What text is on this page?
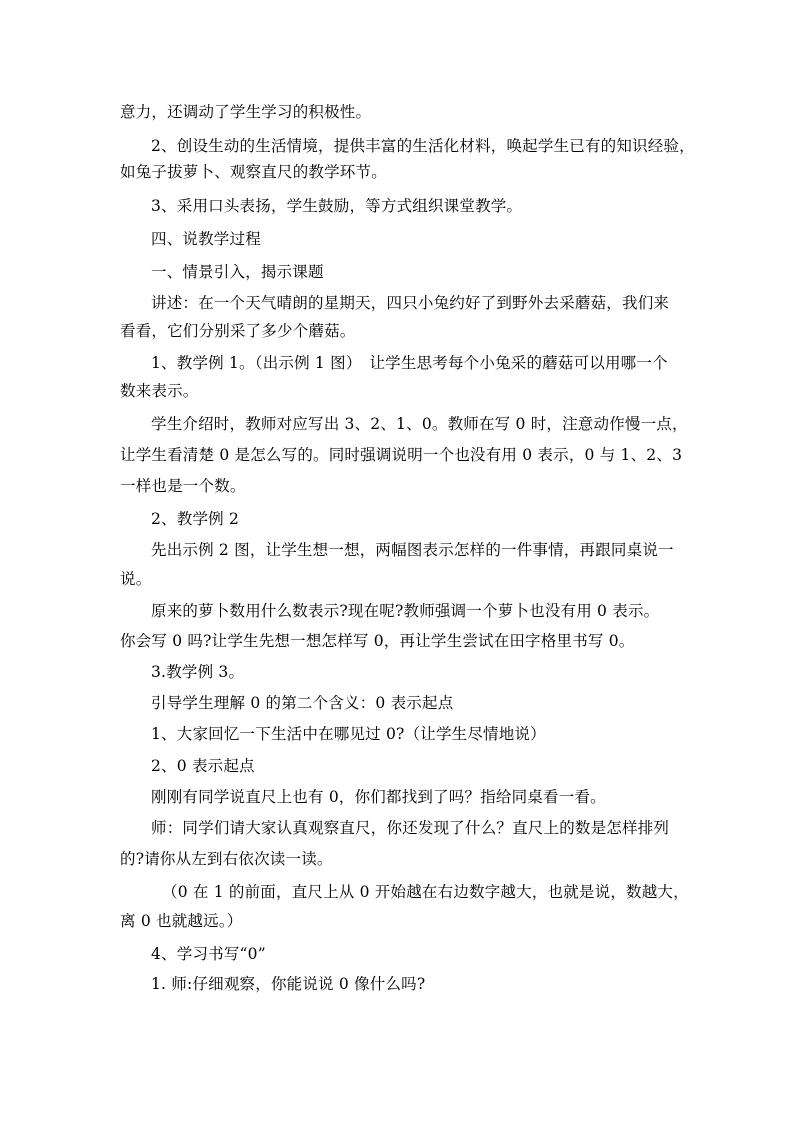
意力，还调动了学生学习的积极性。
2、创设生动的生活情境，提供丰富的生活化材料，唤起学生已有的知识经验，
如兔子拔萝卜、观察直尺的教学环节。
3、采用口头表扬，学生鼓励，等方式组织课堂教学。
四、说教学过程
一、情景引入，揭示课题
讲述：在一个天气晴朗的星期天，四只小兔约好了到野外去采蘑菇，我们来
看看，它们分别采了多少个蘑菇。
1、教学例 1。（出示例 1 图）　让学生思考每个小兔采的蘑菇可以用哪一个
数来表示。
学生介绍时，教师对应写出 3、2、1、0。教师在写 0 时，注意动作慢一点，
让学生看清楚 0 是怎么写的。同时强调说明一个也没有用 0 表示，0 与 1、2、3
一样也是一个数。
2、教学例 2
先出示例 2 图，让学生想一想，两幅图表示怎样的一件事情，再跟同桌说一
说。
原来的萝卜数用什么数表示?现在呢?教师强调一个萝卜也没有用 0 表示。
你会写 0 吗?让学生先想一想怎样写 0，再让学生尝试在田字格里书写 0。
3.教学例 3。
引导学生理解 0 的第二个含义：0 表示起点
1、大家回忆一下生活中在哪见过 0?（让学生尽情地说）
2、0 表示起点
刚刚有同学说直尺上也有 0，你们都找到了吗？指给同桌看一看。
师：同学们请大家认真观察直尺，你还发现了什么？直尺上的数是怎样排列
的?请你从左到右依次读一读。
（0 在 1 的前面，直尺上从 0 开始越在右边数字越大，也就是说，数越大，
离 0 也就越远。）
4、学习书写“0”
1. 师:仔细观察，你能说说 0 像什么吗?
